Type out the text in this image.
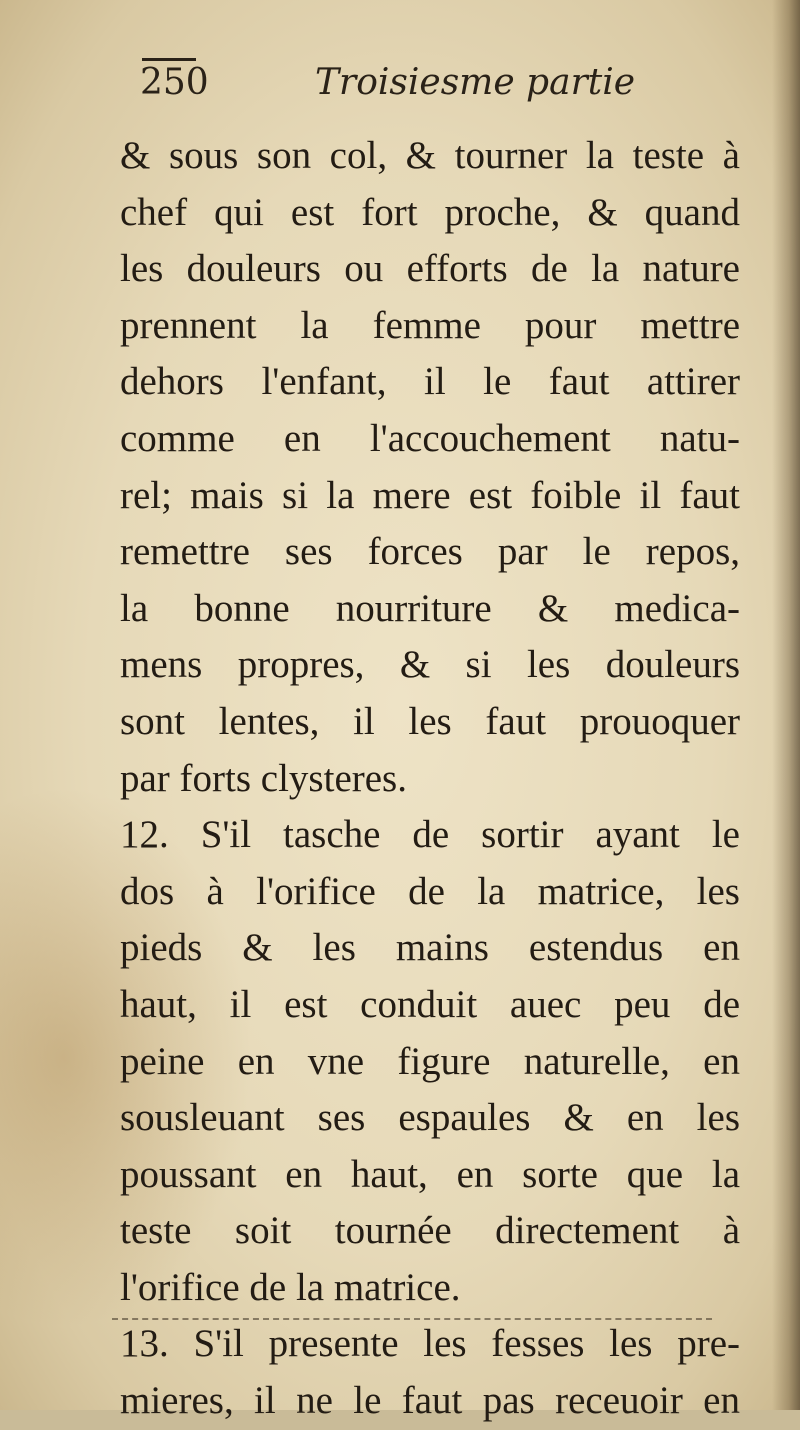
250	Troisiesme partie
& sous son col, & tourner la teste à
chef qui est fort proche, & quand
les douleurs ou efforts de la nature
prennent la femme pour mettre
dehors l'enfant, il le faut attirer
comme en l'accouchement natu-
rel; mais si la mere est foible il faut
remettre ses forces par le repos,
la bonne nourriture & medica-
mens propres, & si les douleurs
sont lentes, il les faut prouoquer
par forts clysteres.
12. S'il tasche de sortir ayant le
dos à l'orifice de la matrice, les
pieds & les mains estendus en
haut, il est conduit auec peu de
peine en vne figure naturelle, en
sousleuant ses espaules & en les
poussant en haut, en sorte que la
teste soit tournée directement à
l'orifice de la matrice.
13. S'il presente les fesses les pre-
mieres, il ne le faut pas receuoir en
